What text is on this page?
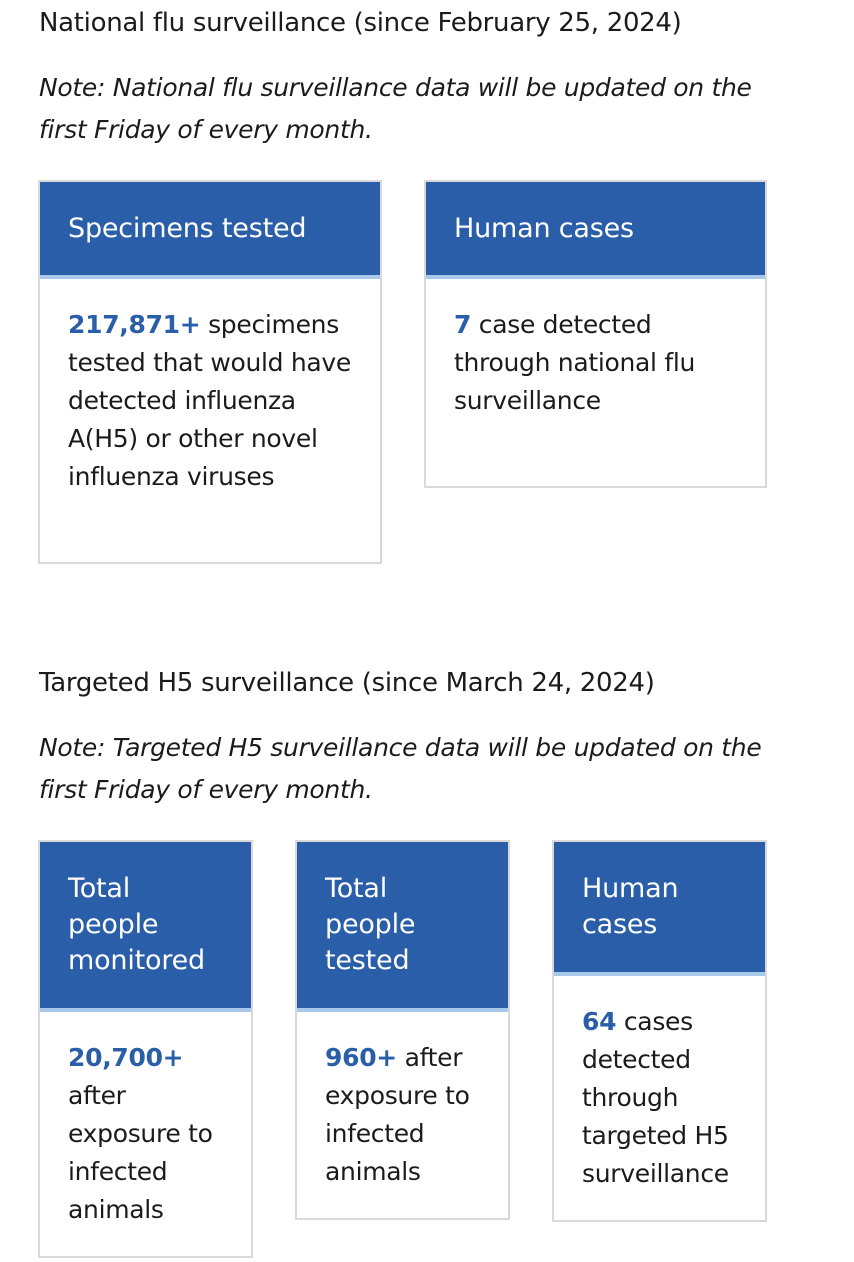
National flu surveillance (since February 25, 2024)

Note: National flu surveillance data will be updated on the first Friday of every month.

Specimens tested
217,871+ specimens tested that would have detected influenza A(H5) or other novel influenza viruses
Human cases
7 case detected through national flu surveillance
Targeted H5 surveillance (since March 24, 2024)

Note: Targeted H5 surveillance data will be updated on the first Friday of every month.

Total people monitored
20,700+
after exposure to infected animals
Total people tested
960+ after exposure to infected animals
Human cases
64 cases detected through targeted H5 surveillance
